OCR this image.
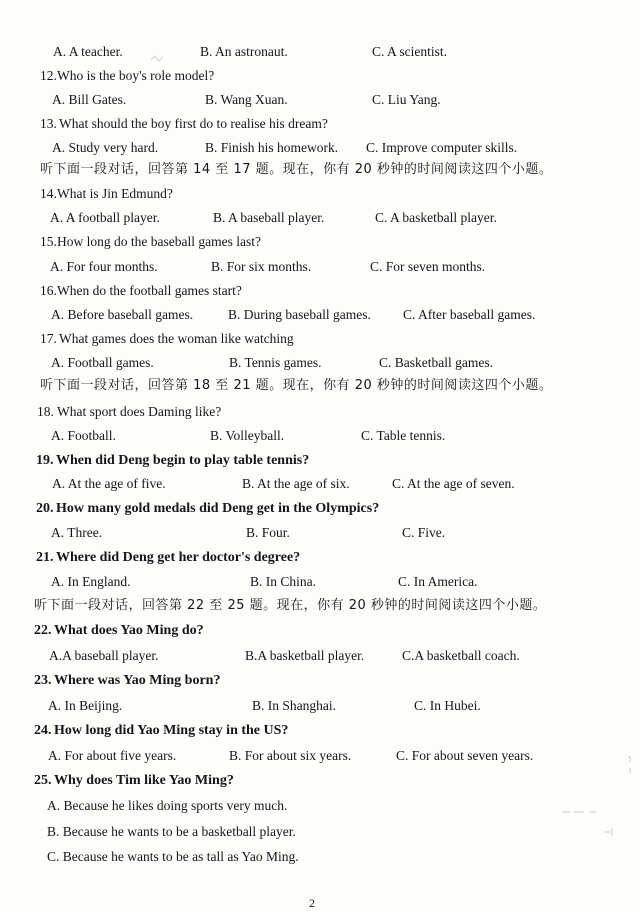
A. A teacher.	B. An astronaut.	C. A scientist.
12. Who is the boy's role model?
A. Bill Gates.	B. Wang Xuan.	C. Liu Yang.
13. What should the boy first do to realise his dream?
A. Study very hard.	B. Finish his homework. C. Improve computer skills.
听下面一段对话，回答第 14 至 17 题。现在，你有 20 秒钟的时间阅读这四个小题。
14. What is Jin Edmund?
A. A football player.	B. A baseball player.	C. A basketball player.
15. How long do the baseball games last?
A. For four months.	B. For six months.	C. For seven months.
16. When do the football games start?
A. Before baseball games.	B. During baseball games. C. After baseball games.
17. What games does the woman like watching
A. Football games.	B. Tennis games.	C. Basketball games.
听下面一段对话，回答第 18 至 21 题。现在，你有 20 秒钟的时间阅读这四个小题。
18. What sport does Daming like?
A. Football.	B. Volleyball.	C. Table tennis.
19. When did Deng begin to play table tennis?
A. At the age of five.	B. At the age of six.	C. At the age of seven.
20. How many gold medals did Deng get in the Olympics?
A. Three.	B. Four.	C. Five.
21. Where did Deng get her doctor's degree?
A. In England.	B. In China.	C. In America.
听下面一段对话，回答第 22 至 25 题。现在，你有 20 秒钟的时间阅读这四个小题。
22. What does Yao Ming do?
A.A baseball player.	B.A basketball player.	C.A basketball coach.
23. Where was Yao Ming born?
A. In Beijing.	B. In Shanghai.	C. In Hubei.
24. How long did Yao Ming stay in the US?
A. For about five years.	B. For about six years.	C. For about seven years.
25. Why does Tim like Yao Ming?
A. Because he likes doing sports very much.
B. Because he wants to be a basketball player.
C. Because he wants to be as tall as Yao Ming.
2
